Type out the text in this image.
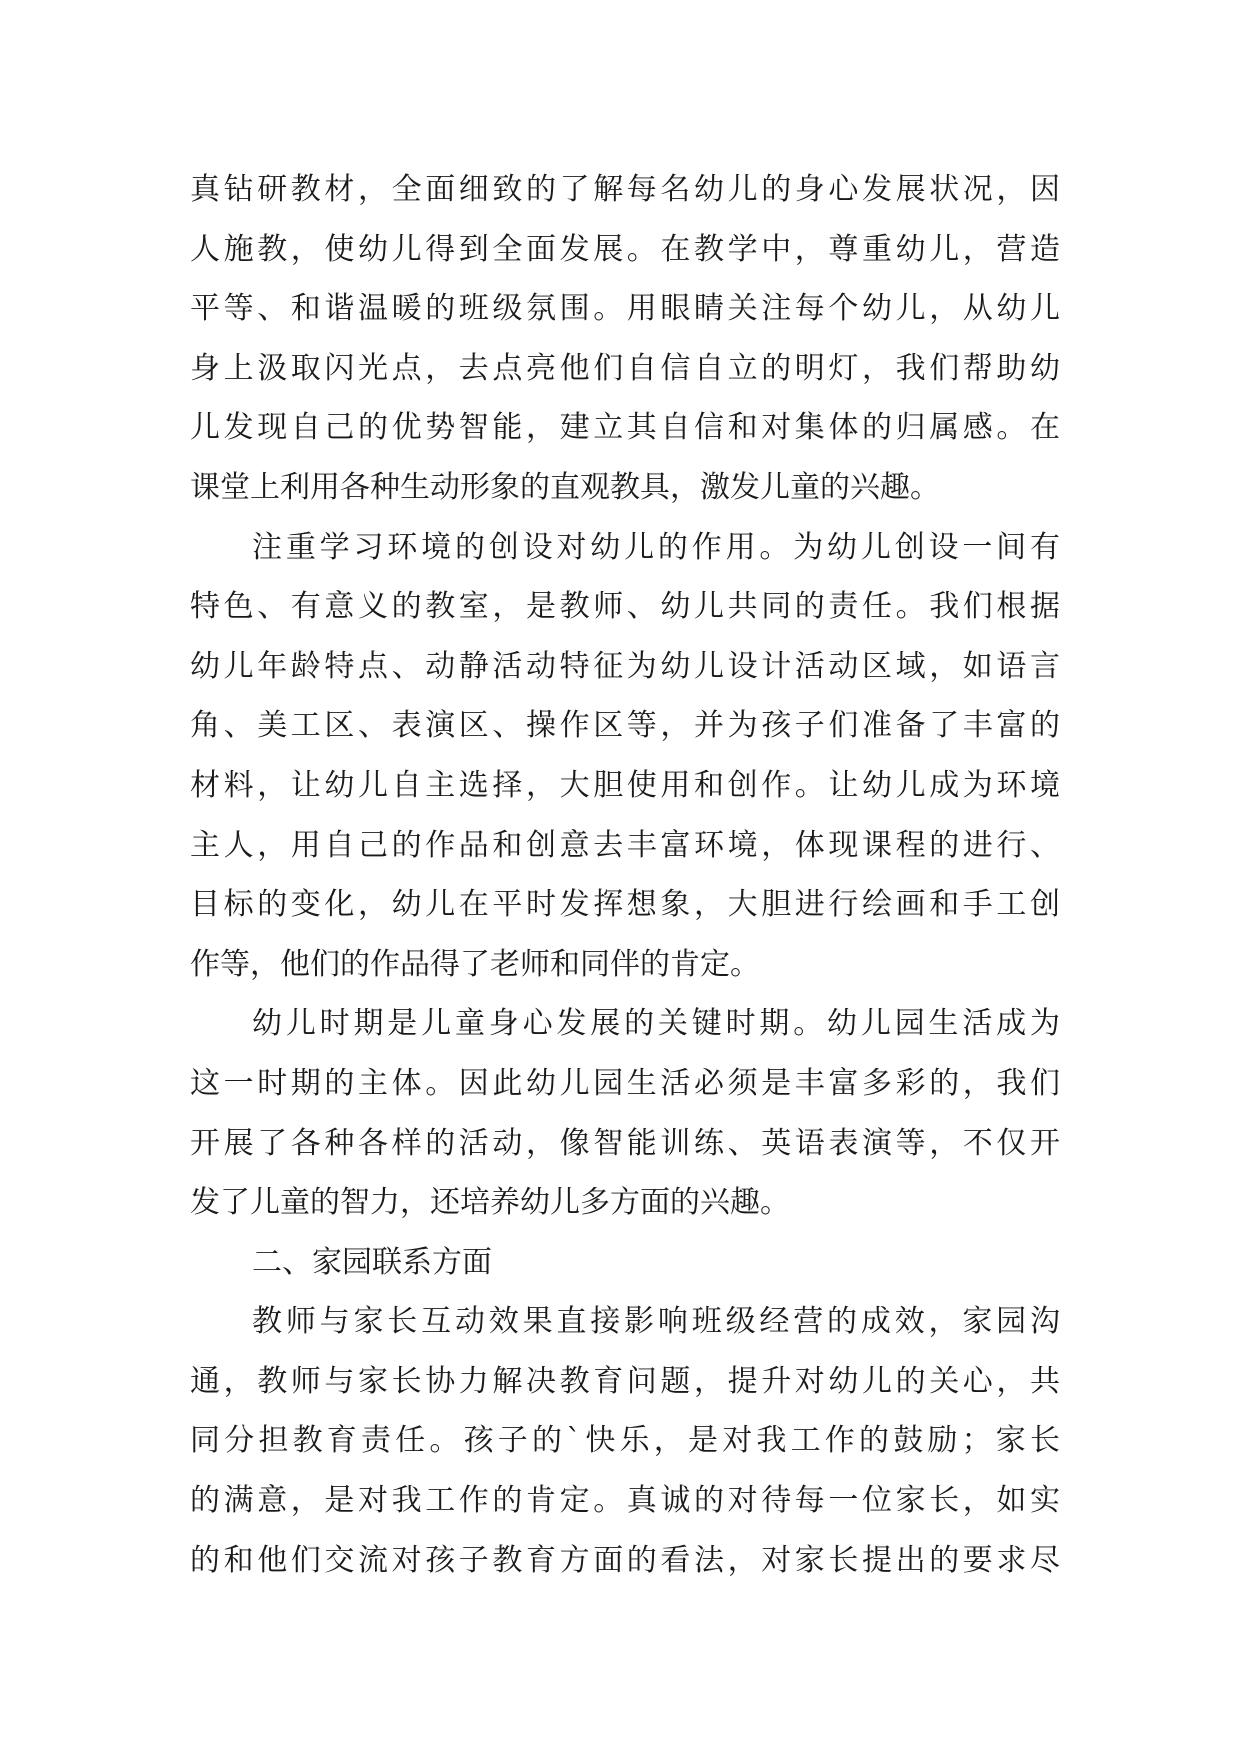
真钻研教材，全面细致的了解每名幼儿的身心发展状况，因
人施教，使幼儿得到全面发展。在教学中，尊重幼儿，营造
平等、和谐温暖的班级氛围。用眼睛关注每个幼儿，从幼儿
身上汲取闪光点，去点亮他们自信自立的明灯，我们帮助幼
儿发现自己的优势智能，建立其自信和对集体的归属感。在
课堂上利用各种生动形象的直观教具，激发儿童的兴趣。
注重学习环境的创设对幼儿的作用。为幼儿创设一间有
特色、有意义的教室，是教师、幼儿共同的责任。我们根据
幼儿年龄特点、动静活动特征为幼儿设计活动区域，如语言
角、美工区、表演区、操作区等，并为孩子们准备了丰富的
材料，让幼儿自主选择，大胆使用和创作。让幼儿成为环境
主人，用自己的作品和创意去丰富环境，体现课程的进行、
目标的变化，幼儿在平时发挥想象，大胆进行绘画和手工创
作等，他们的作品得了老师和同伴的肯定。
幼儿时期是儿童身心发展的关键时期。幼儿园生活成为
这一时期的主体。因此幼儿园生活必须是丰富多彩的，我们
开展了各种各样的活动，像智能训练、英语表演等，不仅开
发了儿童的智力，还培养幼儿多方面的兴趣。
二、家园联系方面
教师与家长互动效果直接影响班级经营的成效，家园沟
通，教师与家长协力解决教育问题，提升对幼儿的关心，共
同分担教育责任。孩子的`快乐，是对我工作的鼓励；家长
的满意，是对我工作的肯定。真诚的对待每一位家长，如实
的和他们交流对孩子教育方面的看法，对家长提出的要求尽
